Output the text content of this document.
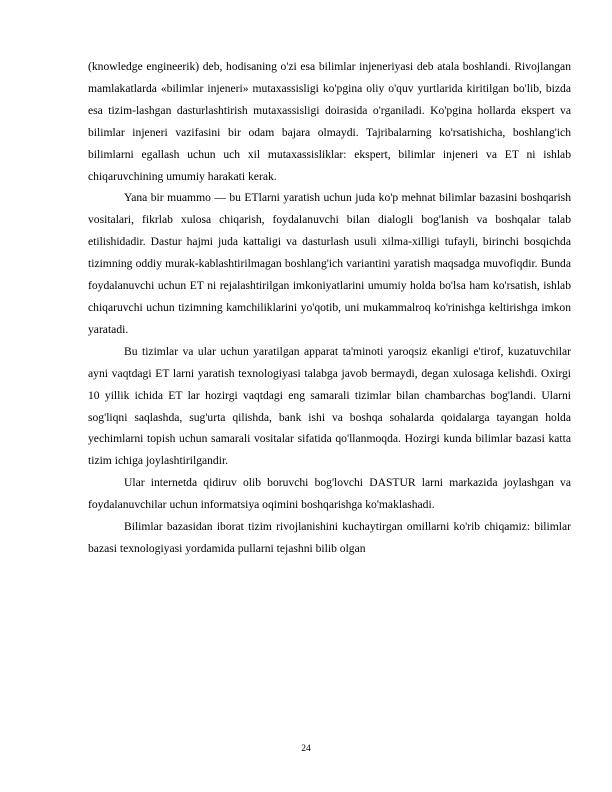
(knowledge engineerik) deb, hodisaning o'zi esa bilimlar injeneriyasi deb atala boshlandi. Rivojlangan mamlakatlarda «bilimlar injeneri» mutaxassisligi ko'pgina oliy o'quv yurtlarida kiritilgan bo'lib, bizda esa tizim-lashgan dasturlashtirish mutaxassisligi doirasida o'rganiladi. Ko'pgina hollarda ekspert va bilimlar injeneri vazifasini bir odam bajara olmaydi. Tajribalarning ko'rsatishicha, boshlang'ich bilimlarni egallash uchun uch xil mutaxassisliklar: ekspert, bilimlar injeneri va ET ni ishlab chiqaruvchining umumiy harakati kerak.

Yana bir muammo — bu ETlarni yaratish uchun juda ko'p mehnat bilimlar bazasini boshqarish vositalari, fikrlab xulosa chiqarish, foydalanuvchi bilan dialogli bog'lanish va boshqalar talab etilishidadir. Dastur hajmi juda kattaligi va dasturlash usuli xilma-xilligi tufayli, birinchi bosqichda tizimning oddiy murak-kablashtirilmagan boshlang'ich variantini yaratish maqsadga muvofiqdir. Bunda foydalanuvchi uchun ET ni rejalashtirilgan imkoniyatlarini umumiy holda bo'lsa ham ko'rsatish, ishlab chiqaruvchi uchun tizimning kamchiliklarini yo'qotib, uni mukammalroq ko'rinishga keltirishga imkon yaratadi.

Bu tizimlar va ular uchun yaratilgan apparat ta'minoti yaroqsiz ekanligi e'tirof, kuzatuvchilar ayni vaqtdagi ET larni yaratish texnologiyasi talabga javob bermaydi, degan xulosaga kelishdi. Oxirgi 10 yillik ichida ET lar hozirgi vaqtdagi eng samarali tizimlar bilan chambarchas bog'landi. Ularni sog'liqni saqlashda, sug'urta qilishda, bank ishi va boshqa sohalarda qoidalarga tayangan holda yechimlarni topish uchun samarali vositalar sifatida qo'llanmoqda. Hozirgi kunda bilimlar bazasi katta tizim ichiga joylashtirilgandir.

Ular internetda qidiruv olib boruvchi bog'lovchi DASTUR larni markazida joylashgan va foydalanuvchilar uchun informatsiya oqimini boshqarishga ko'maklashadi.

Bilimlar bazasidan iborat tizim rivojlanishini kuchaytirgan omillarni ko'rib chiqamiz: bilimlar bazasi texnologiyasi yordamida pullarni tejashni bilib olgan

24
